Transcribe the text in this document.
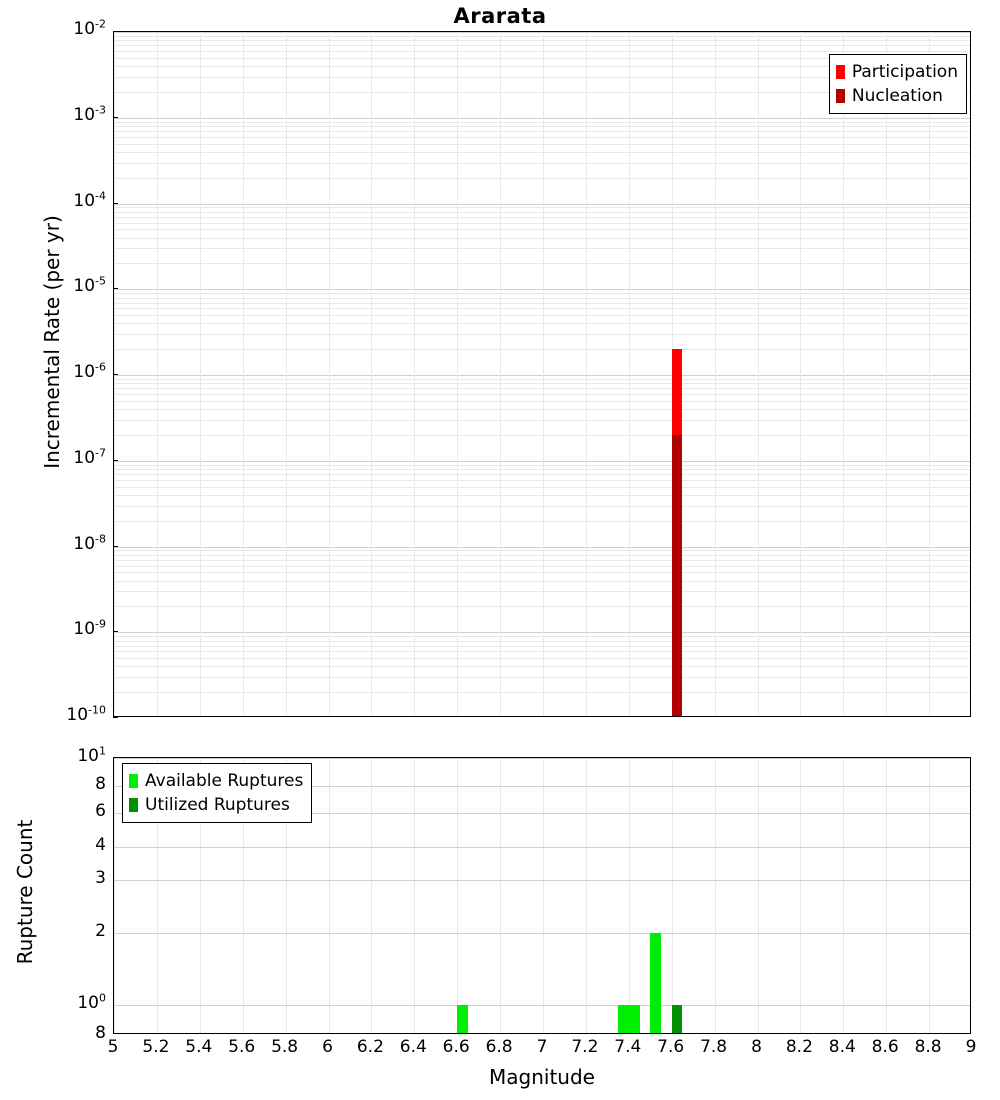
Ararata
Participation
Nucleation
$10^{-2}$
$10^{-3}$
$10^{-4}$
$10^{-5}$
$10^{-6}$
$10^{-7}$
$10^{-8}$
$10^{-9}$
$10^{-10}$
Incremental Rate (per yr)
Available Ruptures
Utilized Ruptures
$10^1$
8
6
4
3
2
$10^0$
8
Rupture Count
5 5.2 5.4 5.6 5.8 6 6.2 6.4 6.6 6.8 7 7.2 7.4 7.6 7.8 8 8.2 8.4 8.6 8.8 9
Magnitude
